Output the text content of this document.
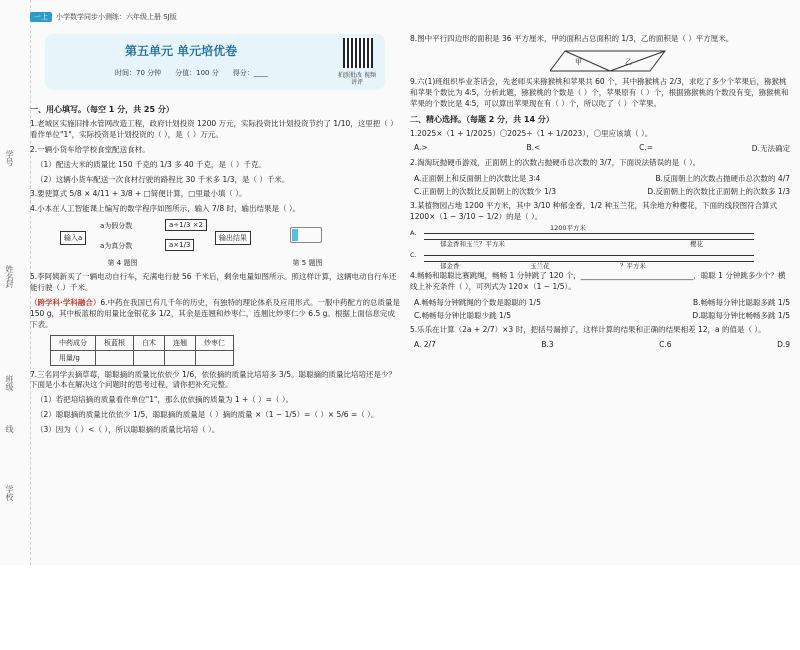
学号
姓名
封
班级
线
学校
一上	小学数学同步小测练：六年级上册 SJ版
第五单元 单元培优卷
时间：70 分钟 分值：100 分 得分：____	拍照批改 视频讲评
一、用心填写。（每空 1 分，共 25 分）
1.老城区实施旧排水管网改造工程，政府计划投资 1200 万元，实际投资比计划投资节约了 1/10，这里把（ ）看作单位"1"，实际投资是计划投资的（ ），是（ ）万元。
2.一辆小货车给学校食堂配送食材。
（1）配送大米的质量比 150 千克的 1/3 多 40 千克，是（ ）千克。
（2）这辆小货车配送一次食材行驶的路程比 30 千米多 1/3，是（ ）千米。
3.要使算式 5/8 × 4/11 + 3/8 + □简便计算，□里最小填（ ）。
4.小本在人工智能课上编写的数学程序如图所示，输入 7/8 时，输出结果是（ ）。
输入a
a为假分数
a为真分数
a÷1/3 ×2
a×1/3
输出结果
第 4 题图	第 5 题图
5.李阿姨新买了一辆电动自行车，充满电行驶 56 千米后，剩余电量如图所示。照这样计算，这辆电动自行车还能行驶（ ）千米。
（跨学科·学科融合）6.中药在我国已有几千年的历史，有独特的理论体系及应用形式。一服中药配方的总质量是 150 g，其中板蓝根的用量比金银花多 1/2，其余是连翘和炒枣仁，连翘比炒枣仁少 6.5 g。根据上面信息完成下表。
中药成分	板蓝根	白术	连翘	炒枣仁
用量/g				
7.三名同学去摘草莓，聪聪摘的质量比依依少 1/6，依依摘的质量比培培多 3/5。聪聪摘的质量比培培还是少？下面是小本在解决这个问题时的思考过程，请你把补充完整。
（1）若把培培摘的质量看作单位"1"，那么依依摘的质量为 1 +（ ）=（ ）。
（2）聪聪摘的质量比依依少 1/5，聪聪摘的质量是（ ）摘的质量 ×（1 − 1/5）=（ ）× 5/6 =（ ）。
（3）因为（ ）<（ ），所以聪聪摘的质量比培培（ ）。
8.图中平行四边形的面积是 36 平方厘米，甲的面积占总面积的 1/3，乙的面积是（ ）平方厘米。
甲	乙
9.六(1)班组织毕业茶话会，先老师买来猕猴桃和苹果共 60 个，其中猕猴桃占 2/3，求吃了多少个苹果后，猕猴桃和苹果个数比为 4∶5，分析此题，猕猴桃的个数是（ ）个，苹果原有（ ）个，根据猕猴桃的个数没有变，猕猴桃和苹果的个数比是 4∶5，可以算出苹果现在有（ ）个，所以吃了（ ）个苹果。
二、精心选择。（每题 2 分，共 14 分）
1.2025×（1 + 1/2025）〇2025÷（1 + 1/2023），〇里应该填（ ）。
A.>	B.<	C.=	D.无法确定
2.淘淘玩抛硬币游戏，正面朝上的次数占抛硬币总次数的 3/7，下面说法错误的是（ ）。
A.正面朝上和反面朝上的次数比是 3∶4	B.反面朝上的次数占抛硬币总次数的 4/7
C.正面朝上的次数比反面朝上的次数少 1/3	D.反面朝上的次数比正面朝上的次数多 1/3
3.某植物园占地 1200 平方米，其中 3/10 种郁金香，1/2 种玉兰花，其余地方种樱花，下面的线段图符合算式 1200×（1 − 3/10 − 1/2）的是（ ）。
A.
1200平方米
郁金香和玉兰？平方米	樱花
C.
郁金香	玉兰花	？平方米
4.畅畅和聪聪比赛跳绳，畅畅 1 分钟跳了 120 个，______________________________，聪聪 1 分钟跳多少个？横线上补充条件（ ），可列式为 120×（1 − 1/5）。
A.畅畅每分钟跳绳的个数是聪聪的 1/5	B.畅畅每分钟比聪聪多跳 1/5
C.畅畅每分钟比聪聪少跳 1/5	D.聪聪每分钟比畅畅多跳 1/5
5.乐乐在计算（2a + 2/7）×3 时，把括号漏掉了，这样计算的结果和正确的结果相差 12，a 的值是（ ）。
A. 2/7	B.3	C.6	D.9
